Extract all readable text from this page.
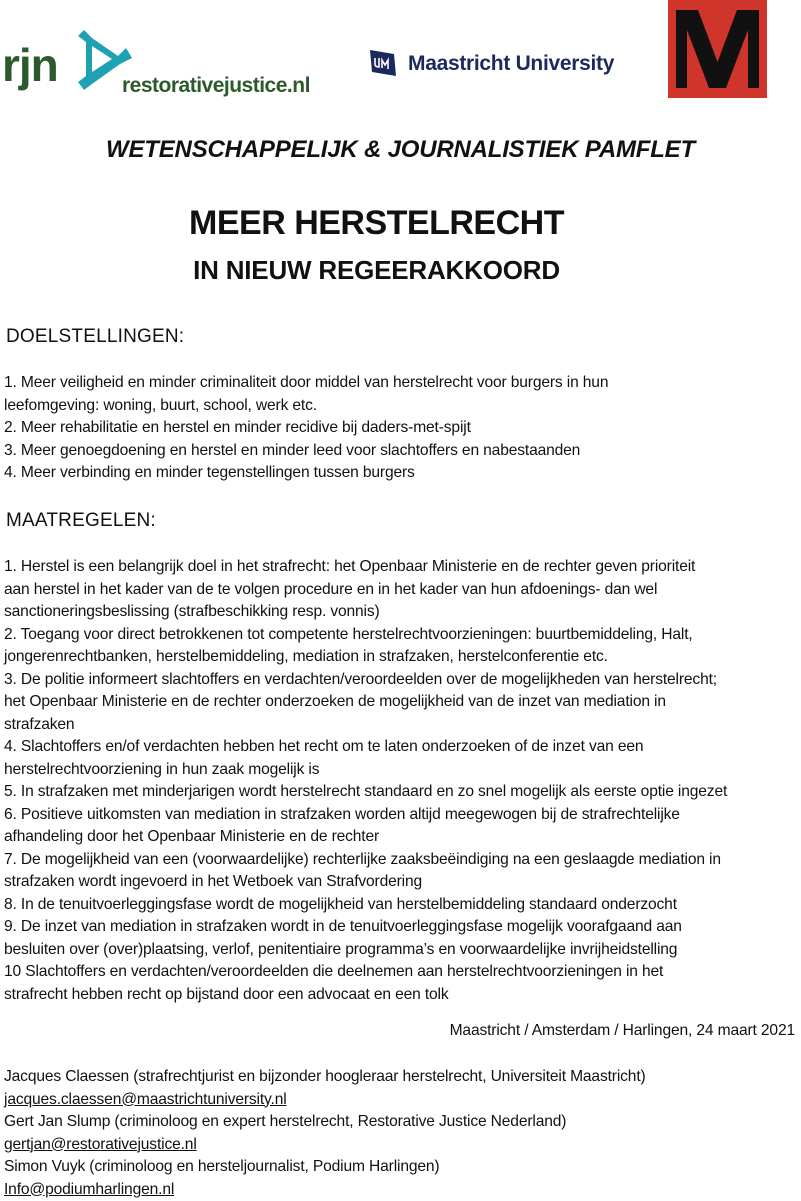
rjn	restorativejustice.nl
Maastricht University
WETENSCHAPPELIJK & JOURNALISTIEK PAMFLET
MEER HERSTELRECHT
IN NIEUW REGEERAKKOORD
DOELSTELLINGEN:
1. Meer veiligheid en minder criminaliteit door middel van herstelrecht voor burgers in hun
leefomgeving: woning, buurt, school, werk etc.
2. Meer rehabilitatie en herstel en minder recidive bij daders-met-spijt
3. Meer genoegdoening en herstel en minder leed voor slachtoffers en nabestaanden
4. Meer verbinding en minder tegenstellingen tussen burgers
MAATREGELEN:
1. Herstel is een belangrijk doel in het strafrecht: het Openbaar Ministerie en de rechter geven prioriteit
aan herstel in het kader van de te volgen procedure en in het kader van hun afdoenings- dan wel
sanctioneringsbeslissing (strafbeschikking resp. vonnis)
2. Toegang voor direct betrokkenen tot competente herstelrechtvoorzieningen: buurtbemiddeling, Halt,
jongerenrechtbanken, herstelbemiddeling, mediation in strafzaken, herstelconferentie etc.
3. De politie informeert slachtoffers en verdachten/veroordeelden over de mogelijkheden van herstelrecht;
het Openbaar Ministerie en de rechter onderzoeken de mogelijkheid van de inzet van mediation in
strafzaken
4. Slachtoffers en/of verdachten hebben het recht om te laten onderzoeken of de inzet van een
herstelrechtvoorziening in hun zaak mogelijk is
5. In strafzaken met minderjarigen wordt herstelrecht standaard en zo snel mogelijk als eerste optie ingezet
6. Positieve uitkomsten van mediation in strafzaken worden altijd meegewogen bij de strafrechtelijke
afhandeling door het Openbaar Ministerie en de rechter
7. De mogelijkheid van een (voorwaardelijke) rechterlijke zaaksbeëindiging na een geslaagde mediation in
strafzaken wordt ingevoerd in het Wetboek van Strafvordering
8. In de tenuitvoerleggingsfase wordt de mogelijkheid van herstelbemiddeling standaard onderzocht
9. De inzet van mediation in strafzaken wordt in de tenuitvoerleggingsfase mogelijk voorafgaand aan
besluiten over (over)plaatsing, verlof, penitentiaire programma’s en voorwaardelijke invrijheidstelling
10 Slachtoffers en verdachten/veroordeelden die deelnemen aan herstelrechtvoorzieningen in het
strafrecht hebben recht op bijstand door een advocaat en een tolk
Maastricht / Amsterdam / Harlingen, 24 maart 2021
Jacques Claessen (strafrechtjurist en bijzonder hoogleraar herstelrecht, Universiteit Maastricht)
jacques.claessen@maastrichtuniversity.nl
Gert Jan Slump (criminoloog en expert herstelrecht, Restorative Justice Nederland)
gertjan@restorativejustice.nl
Simon Vuyk (criminoloog en hersteljournalist, Podium Harlingen)
Info@podiumharlingen.nl
